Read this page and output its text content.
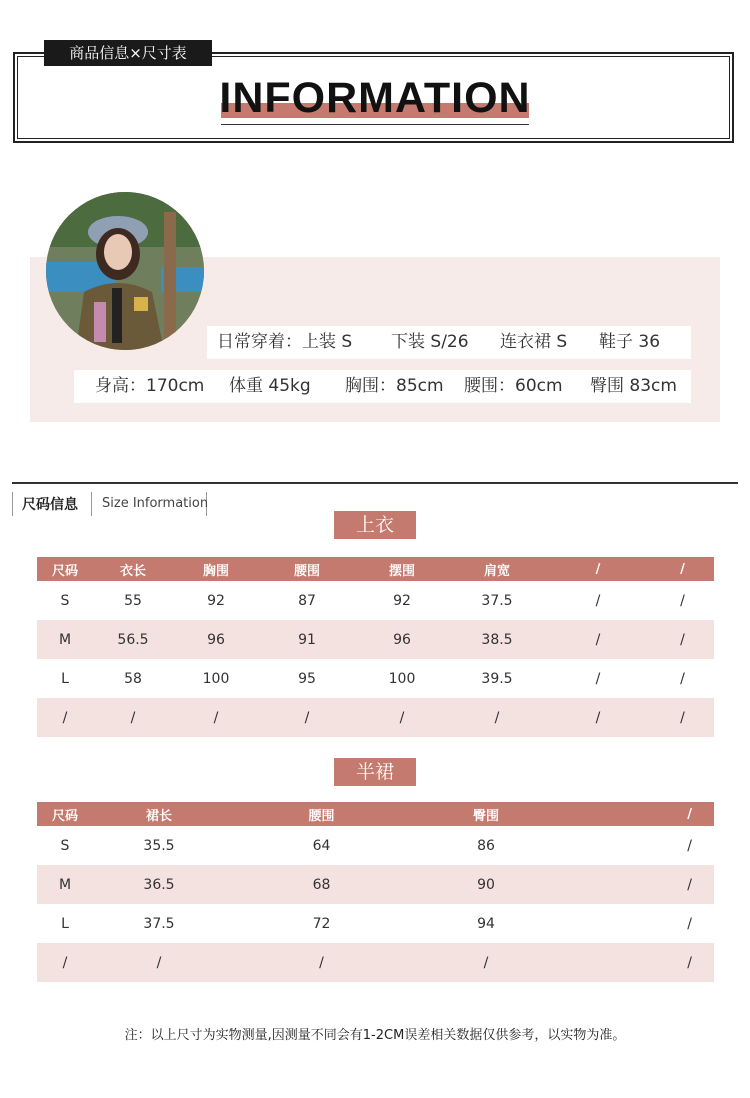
商品信息×尺寸表
INFORMATION
日常穿着：上装 S 下装 S/26 连衣裙 S 鞋子 36
身高：170cm 体重 45kg 胸围：85cm 腰围：60cm 臀围 83cm
尺码信息 Size Information
上衣
尺码	衣长	胸围	腰围	摆围	肩宽	/	/
S	55	92	87	92	37.5	/	/
M	56.5	96	91	96	38.5	/	/
L	58	100	95	100	39.5	/	/
/	/	/	/	/	/	/	/
半裙
尺码	裙长	腰围	臀围	/
S	35.5	64	86	/
M	36.5	68	90	/
L	37.5	72	94	/
/	/	/	/	/
注：以上尺寸为实物测量,因测量不同会有1-2CM误差相关数据仅供参考，以实物为准。
